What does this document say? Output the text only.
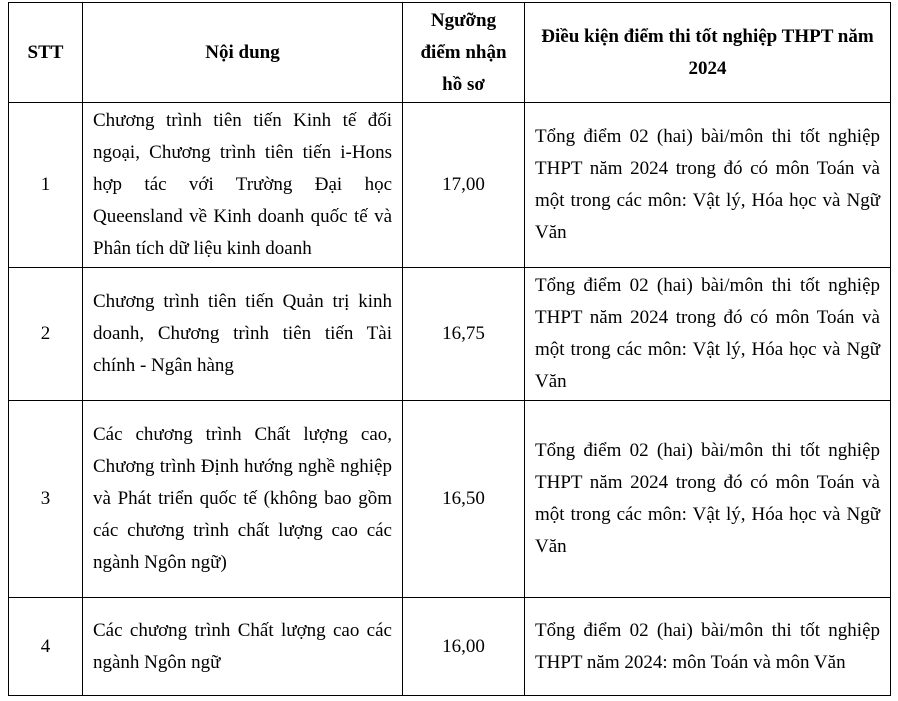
STT	Nội dung	Ngưỡng điểm nhận hồ sơ	Điều kiện điểm thi tốt nghiệp THPT năm 2024
1	Chương trình tiên tiến Kinh tế đối ngoại, Chương trình tiên tiến i-Hons hợp tác với Trường Đại học Queensland về Kinh doanh quốc tế và Phân tích dữ liệu kinh doanh	17,00	Tổng điểm 02 (hai) bài/môn thi tốt nghiệp THPT năm 2024 trong đó có môn Toán và một trong các môn: Vật lý, Hóa học và Ngữ Văn
2	Chương trình tiên tiến Quản trị kinh doanh, Chương trình tiên tiến Tài chính - Ngân hàng	16,75	Tổng điểm 02 (hai) bài/môn thi tốt nghiệp THPT năm 2024 trong đó có môn Toán và một trong các môn: Vật lý, Hóa học và Ngữ Văn
3	Các chương trình Chất lượng cao, Chương trình Định hướng nghề nghiệp và Phát triển quốc tế (không bao gồm các chương trình chất lượng cao các ngành Ngôn ngữ)	16,50	Tổng điểm 02 (hai) bài/môn thi tốt nghiệp THPT năm 2024 trong đó có môn Toán và một trong các môn: Vật lý, Hóa học và Ngữ Văn
4	Các chương trình Chất lượng cao các ngành Ngôn ngữ	16,00	Tổng điểm 02 (hai) bài/môn thi tốt nghiệp THPT năm 2024: môn Toán và môn Văn
